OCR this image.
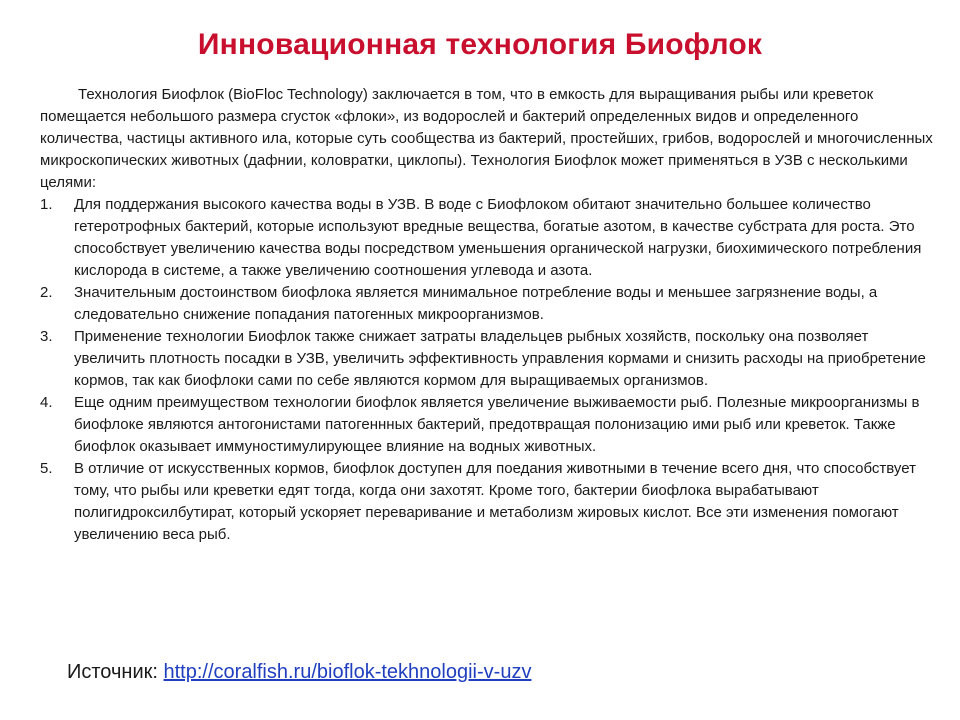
Инновационная технология Биофлок

Технология Биофлок (BioFloc Technology) заключается в том, что в емкость для выращивания рыбы или креветок помещается небольшого размера сгусток «флоки», из водорослей и бактерий определенных видов и определенного количества, частицы активного ила, которые суть сообщества из бактерий, простейших, грибов, водорослей и многочисленных микроскопических животных (дафнии, коловратки, циклопы). Технология Биофлок может применяться в УЗВ с несколькими целями:

1. Для поддержания высокого качества воды в УЗВ. В воде с Биофлоком обитают значительно большее количество гетеротрофных бактерий, которые используют вредные вещества, богатые азотом, в качестве субстрата для роста. Это способствует увеличению качества воды посредством уменьшения органической нагрузки, биохимического потребления кислорода в системе, а также увеличению соотношения углевода и азота.
2. Значительным достоинством биофлока является минимальное потребление воды и меньшее загрязнение воды, а следовательно снижение попадания патогенных микроорганизмов.
3. Применение технологии Биофлок также снижает затраты владельцев рыбных хозяйств, поскольку она позволяет увеличить плотность посадки в УЗВ, увеличить эффективность управления кормами и снизить расходы на приобретение кормов, так как биофлоки сами по себе являются кормом для выращиваемых организмов.
4. Еще одним преимуществом технологии биофлок является увеличение выживаемости рыб. Полезные микроорганизмы в биофлоке являются антогонистами патогеннных бактерий, предотвращая полонизацию ими рыб или креветок. Также биофлок оказывает иммуностимулирующее влияние на водных животных.
5. В отличие от искусственных кормов, биофлок доступен для поедания животными в течение всего дня, что способствует тому, что рыбы или креветки едят тогда, когда они захотят. Кроме того, бактерии биофлока вырабатывают полигидроксилбутират, который ускоряет переваривание и метаболизм жировых кислот. Все эти изменения помогают увеличению веса рыб.
Источник: http://coralfish.ru/bioflok-tekhnologii-v-uzv
